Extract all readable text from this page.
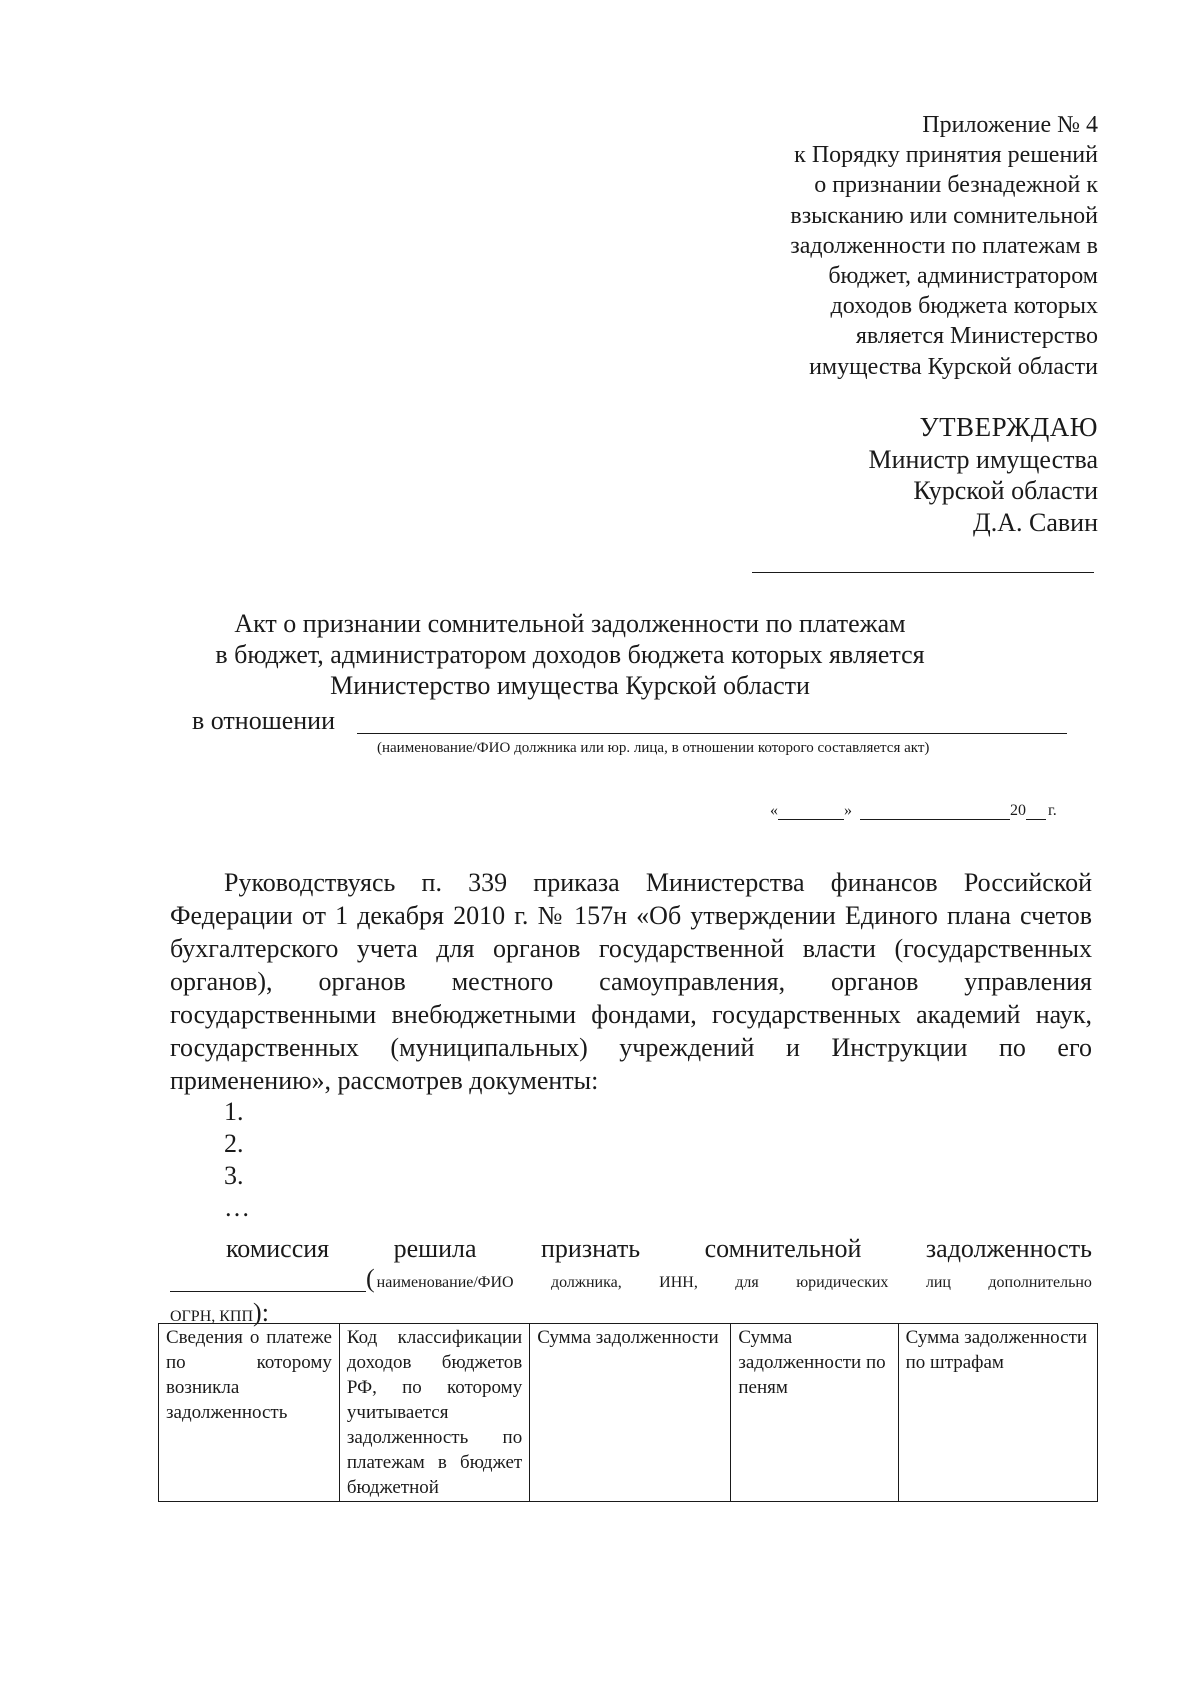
Приложение № 4
к Порядку принятия решений
о признании безнадежной к
взысканию или сомнительной
задолженности по платежам в
бюджет, администратором
доходов бюджета которых
является Министерство
имущества Курской области
УТВЕРЖДАЮ
Министр имущества
Курской области
Д.А. Савин
Акт о признании сомнительной задолженности по платежам
в бюджет, администратором доходов бюджета которых является
Министерство имущества Курской области
в отношении
(наименование/ФИО должника или юр. лица, в отношении которого составляется акт)
«	»	20 г.

Руководствуясь п. 339 приказа Министерства финансов Российской Федерации от 1 декабря 2010 г. № 157н «Об утверждении Единого плана счетов бухгалтерского учета для органов государственной власти (государственных органов), органов местного самоуправления, органов управления государственными внебюджетными фондами, государственных академий наук, государственных (муниципальных) учреждений и Инструкции по его применению», рассмотрев документы:

1.
2.
3.
…
комиссия решила признать сомнительной задолженность
( наименование/ФИО должника, ИНН, для юридических лиц дополнительно
ОГРН, КПП ):
Сведения о платеже по которому возникла задолженность	Код классификации доходов бюджетов РФ, по которому учитывается задолженность по платежам в бюджет бюджетной	Сумма задолженности	Сумма задолженности по пеням	Сумма задолженности по штрафам
